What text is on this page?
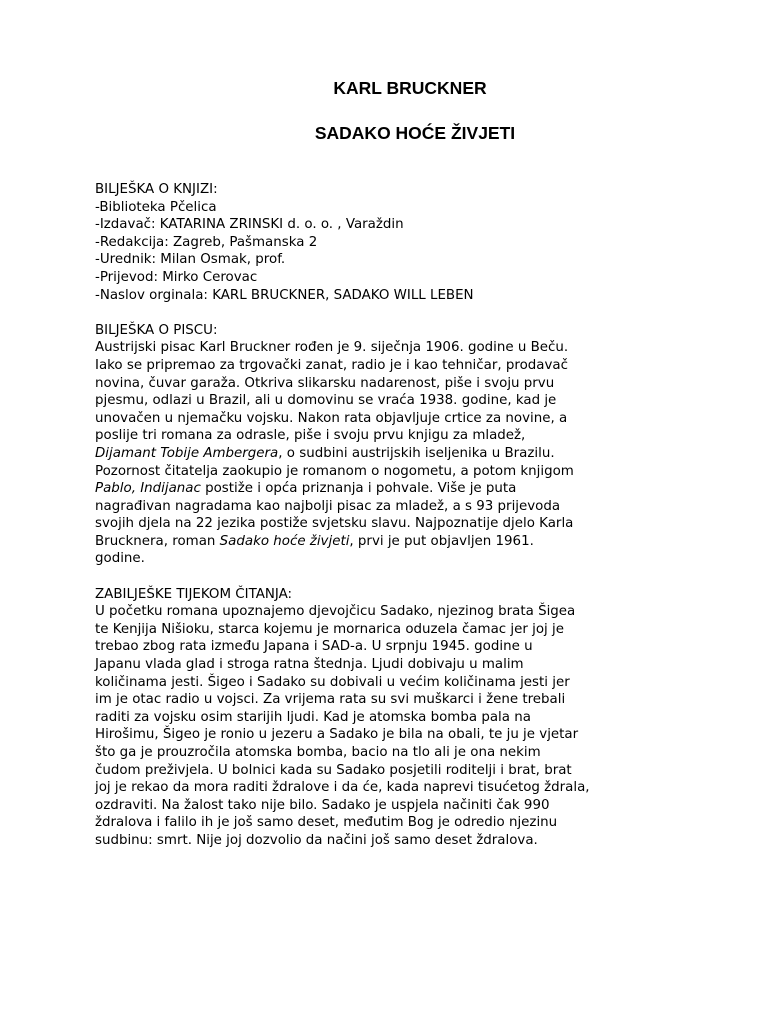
KARL BRUCKNER
SADAKO HOĆE ŽIVJETI
BILJEŠKA O KNJIZI:
-Biblioteka Pčelica
-Izdavač: KATARINA ZRINSKI d. o. o. , Varaždin
-Redakcija: Zagreb, Pašmanska 2
-Urednik: Milan Osmak, prof.
-Prijevod: Mirko Cerovac
-Naslov orginala: KARL BRUCKNER, SADAKO WILL LEBEN
BILJEŠKA O PISCU:
Austrijski pisac Karl Bruckner rođen je 9. siječnja 1906. godine u Beču.
Iako se pripremao za trgovački zanat, radio je i kao tehničar, prodavač
novina, čuvar garaža. Otkriva slikarsku nadarenost, piše i svoju prvu
pjesmu, odlazi u Brazil, ali u domovinu se vraća 1938. godine, kad je
unovačen u njemačku vojsku. Nakon rata objavljuje crtice za novine, a
poslije tri romana za odrasle, piše i svoju prvu knjigu za mladež,
Dijamant Tobije Ambergera, o sudbini austrijskih iseljenika u Brazilu.
Pozornost čitatelja zaokupio je romanom o nogometu, a potom knjigom
Pablo, Indijanac postiže i opća priznanja i pohvale. Više je puta
nagrađivan nagradama kao najbolji pisac za mladež, a s 93 prijevoda
svojih djela na 22 jezika postiže svjetsku slavu. Najpoznatije djelo Karla
Brucknera, roman Sadako hoće živjeti, prvi je put objavljen 1961.
godine.
ZABILJEŠKE TIJEKOM ČITANJA:
U početku romana upoznajemo djevojčicu Sadako, njezinog brata Šigea
te Kenjija Nišioku, starca kojemu je mornarica oduzela čamac jer joj je
trebao zbog rata između Japana i SAD-a. U srpnju 1945. godine u
Japanu vlada glad i stroga ratna štednja. Ljudi dobivaju u malim
količinama jesti. Šigeo i Sadako su dobivali u većim količinama jesti jer
im je otac radio u vojsci. Za vrijema rata su svi muškarci i žene trebali
raditi za vojsku osim starijih ljudi. Kad je atomska bomba pala na
Hirošimu, Šigeo je ronio u jezeru a Sadako je bila na obali, te ju je vjetar
što ga je prouzročila atomska bomba, bacio na tlo ali je ona nekim
čudom preživjela. U bolnici kada su Sadako posjetili roditelji i brat, brat
joj je rekao da mora raditi ždralove i da će, kada naprevi tisućetog ždrala,
ozdraviti. Na žalost tako nije bilo. Sadako je uspjela načiniti čak 990
ždralova i falilo ih je još samo deset, međutim Bog je odredio njezinu
sudbinu: smrt. Nije joj dozvolio da načini još samo deset ždralova.
